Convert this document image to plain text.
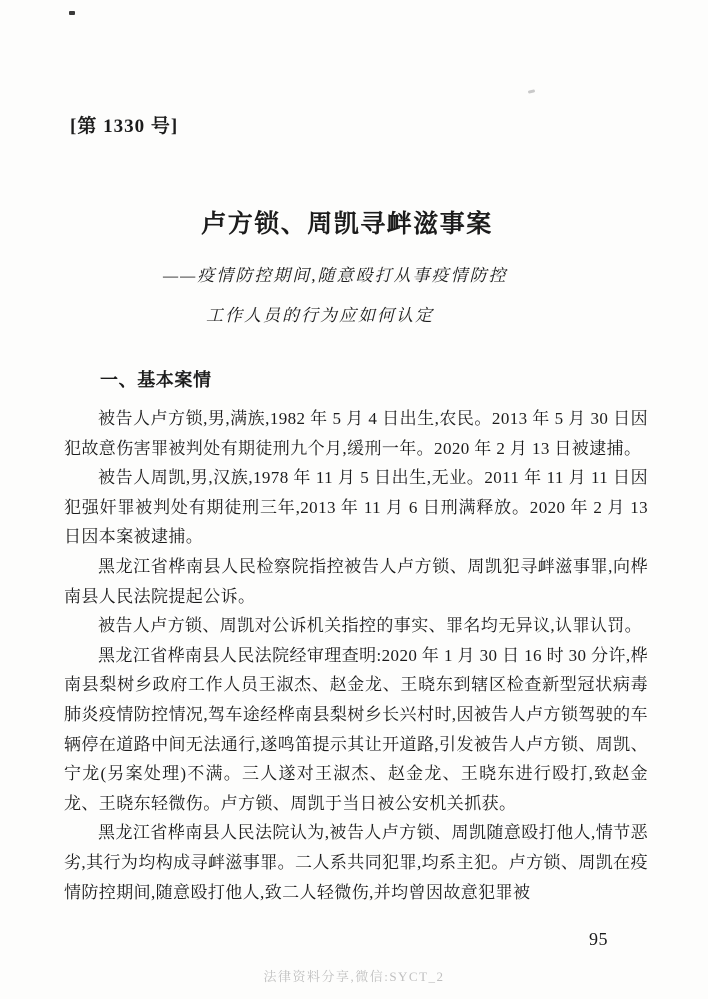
[第 1330 号]
卢方锁、周凯寻衅滋事案
——疫情防控期间,随意殴打从事疫情防控
工作人员的行为应如何认定
一、基本案情

被告人卢方锁,男,满族,1982 年 5 月 4 日出生,农民。2013 年 5 月 30 日因犯故意伤害罪被判处有期徒刑九个月,缓刑一年。2020 年 2 月 13 日被逮捕。

被告人周凯,男,汉族,1978 年 11 月 5 日出生,无业。2011 年 11 月 11 日因犯强奸罪被判处有期徒刑三年,2013 年 11 月 6 日刑满释放。2020 年 2 月 13 日因本案被逮捕。

黑龙江省桦南县人民检察院指控被告人卢方锁、周凯犯寻衅滋事罪,向桦南县人民法院提起公诉。

被告人卢方锁、周凯对公诉机关指控的事实、罪名均无异议,认罪认罚。

黑龙江省桦南县人民法院经审理查明:2020 年 1 月 30 日 16 时 30 分许,桦南县梨树乡政府工作人员王淑杰、赵金龙、王晓东到辖区检查新型冠状病毒肺炎疫情防控情况,驾车途经桦南县梨树乡长兴村时,因被告人卢方锁驾驶的车辆停在道路中间无法通行,遂鸣笛提示其让开道路,引发被告人卢方锁、周凯、宁龙(另案处理)不满。三人遂对王淑杰、赵金龙、王晓东进行殴打,致赵金龙、王晓东轻微伤。卢方锁、周凯于当日被公安机关抓获。

黑龙江省桦南县人民法院认为,被告人卢方锁、周凯随意殴打他人,情节恶劣,其行为均构成寻衅滋事罪。二人系共同犯罪,均系主犯。卢方锁、周凯在疫情防控期间,随意殴打他人,致二人轻微伤,并均曾因故意犯罪被

95
法律资料分享,微信:SYCT_2
